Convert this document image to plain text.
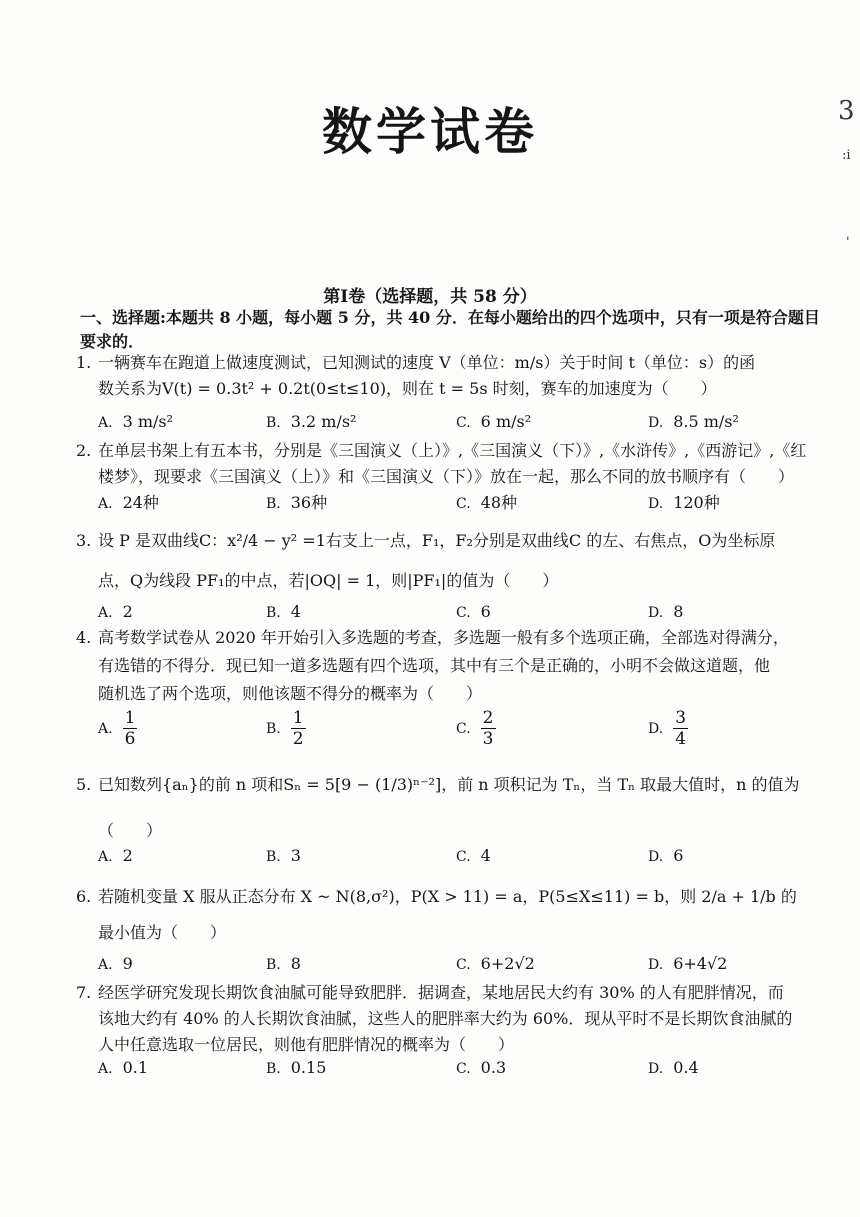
数学试卷	3
:i
'
第Ⅰ卷（选择题，共 58 分）
一、选择题:本题共 8 小题，每小题 5 分，共 40 分．在每小题给出的四个选项中，只有一项是符合题目要求的．
1. 一辆赛车在跑道上做速度测试，已知测试的速度 V（单位：m/s）关于时间 t（单位：s）的函
数关系为V(t) = 0.3t² + 0.2t(0≤t≤10)，则在 t = 5s 时刻，赛车的加速度为（　　）
A. 3 m/s²	B. 3.2 m/s²	C. 6 m/s²	D. 8.5 m/s²
2. 在单层书架上有五本书，分别是《三国演义（上）》,《三国演义（下）》,《水浒传》,《西游记》,《红
楼梦》，现要求《三国演义（上）》和《三国演义（下）》放在一起，那么不同的放书顺序有（　　）
A. 24种	B. 36种	C. 48种	D. 120种
3. 设 P 是双曲线C：x²/4 − y² =1右支上一点，F₁，F₂分别是双曲线C 的左、右焦点，O为坐标原
点，Q为线段 PF₁的中点，若|OQ| = 1，则|PF₁|的值为（　　）
A. 2	B. 4	C. 6	D. 8
4. 高考数学试卷从 2020 年开始引入多选题的考查，多选题一般有多个选项正确，全部选对得满分，
有选错的不得分．现已知一道多选题有四个选项，其中有三个是正确的，小明不会做这道题，他
随机选了两个选项，则他该题不得分的概率为（　　）
A. $\frac{1}{6}$	B. $\frac{1}{2}$	C. $\frac{2}{3}$	D. $\frac{3}{4}$
5. 已知数列{aₙ}的前 n 项和Sₙ = 5[9 − (1/3)ⁿ⁻²]，前 n 项积记为 Tₙ，当 Tₙ 取最大值时，n 的值为
（　　）
A. 2	B. 3	C. 4	D. 6
6. 若随机变量 X 服从正态分布 X ~ N(8,σ²)，P(X > 11) = a，P(5≤X≤11) = b，则 2/a + 1/b 的
最小值为（　　）
A. 9	B. 8	C. 6+2√2	D. 6+4√2
7. 经医学研究发现长期饮食油腻可能导致肥胖．据调查，某地居民大约有 30% 的人有肥胖情况，而
该地大约有 40% 的人长期饮食油腻，这些人的肥胖率大约为 60%．现从平时不是长期饮食油腻的
人中任意选取一位居民，则他有肥胖情况的概率为（　　）
A. 0.1	B. 0.15	C. 0.3	D. 0.4
